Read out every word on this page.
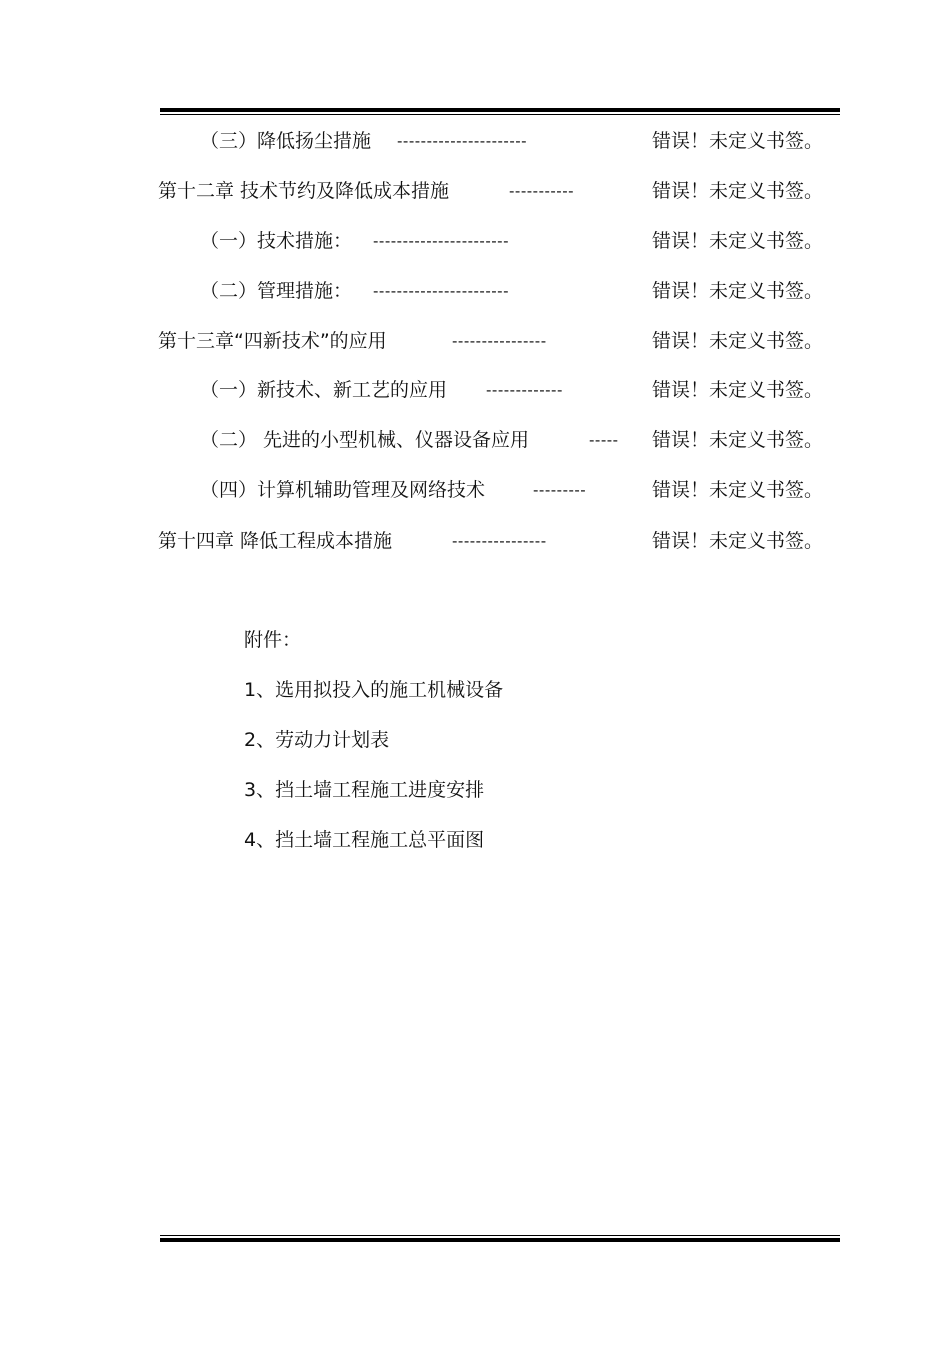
（三）降低扬尘措施 ----------------------	错误！未定义书签。
第十二章 技术节约及降低成本措施	-----------	错误！未定义书签。
（一）技术措施： -----------------------	错误！未定义书签。
（二）管理措施： -----------------------	错误！未定义书签。
第十三章“四新技术”的应用	----------------	错误！未定义书签。
（一）新技术、新工艺的应用	-------------	错误！未定义书签。
（二） 先进的小型机械、仪器设备应用	----- 错误！未定义书签。
（四）计算机辅助管理及网络技术	---------	错误！未定义书签。
第十四章 降低工程成本措施	----------------	错误！未定义书签。
附件：
1、选用拟投入的施工机械设备
2、劳动力计划表
3、挡土墙工程施工进度安排
4、挡土墙工程施工总平面图
